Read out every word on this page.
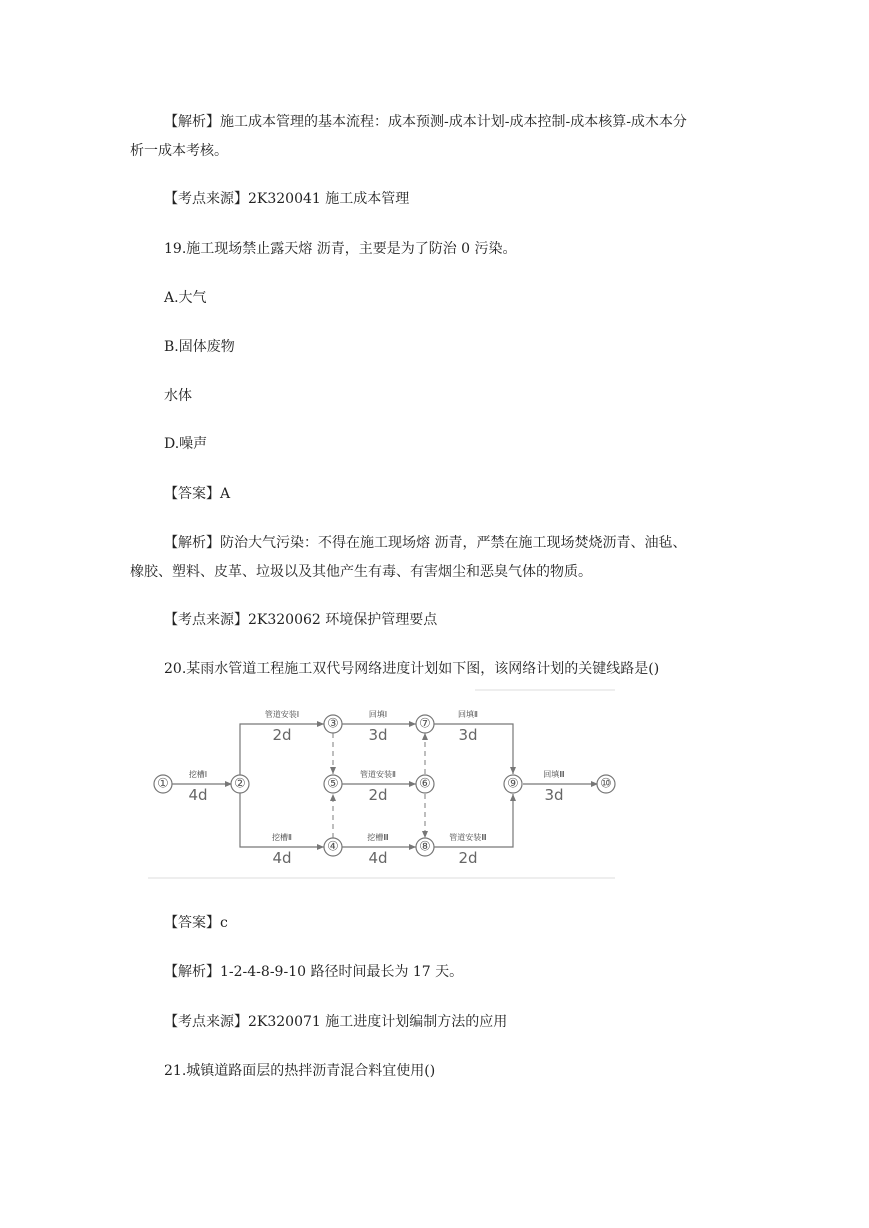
【解析】施工成本管理的基本流程：成本预测-成本计划-成本控制-成本核算-成木本分
析一成本考核。
【考点来源】2K320041 施工成本管理
19.施工现场禁止露天熔 沥青，主要是为了防治 0 污染。
A.大气
B.固体废物
水体
D.噪声
【答案】A
【解析】防治大气污染：不得在施工现场熔 沥青，严禁在施工现场焚烧沥青、油毡、
橡胶、塑料、皮革、垃圾以及其他产生有毒、有害烟尘和恶臭气体的物质。
【考点来源】2K320062 环境保护管理要点
20.某雨水管道工程施工双代号网络进度计划如下图，该网络计划的关键线路是()
①	②
③
④
⑤	⑥
⑦
⑧
⑨	⑩
挖槽Ⅰ
4d
管道安装Ⅰ
2d
回填Ⅰ
3d
回填Ⅱ
3d
管道安装Ⅱ
2d
回填Ⅲ
3d
挖槽Ⅱ
4d
挖槽Ⅲ
4d
管道安装Ⅲ
2d
【答案】c
【解析】1-2-4-8-9-10 路径时间最长为 17 天。
【考点来源】2K320071 施工进度计划编制方法的应用
21.城镇道路面层的热拌沥青混合料宜使用()
